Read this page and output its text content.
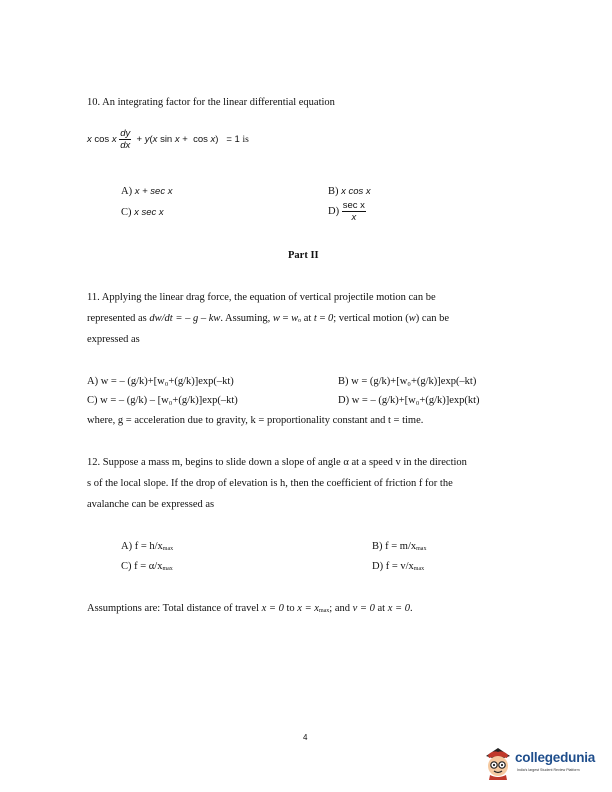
10. An integrating factor for the linear differential equation
x cos x $\frac{dy}{dx} + y(x$ sin x + cos x) = 1 is
A) x + sec x	B) x cos x
C) x sec x	$D) \frac{\text{sec x}}{x}$
Part II
11. Applying the linear drag force, the equation of vertical projectile motion can be
represented as dw/dt = – g – kw. Assuming, $w = w_o$ at t = 0; vertical motion (w) can be
expressed as
A) w = – (g/k)+[w₀+(g/k)]exp(–kt)	B) w = (g/k)+[w₀+(g/k)]exp(–kt)
C) w = – (g/k) – [w₀+(g/k)]exp(–kt)	D) w = – (g/k)+[w₀+(g/k)]exp(kt)
where, g = acceleration due to gravity, k = proportionality constant and t = time.
12. Suppose a mass m, begins to slide down a slope of angle α at a speed v in the direction
s of the local slope. If the drop of elevation is h, then the coefficient of friction f for the
avalanche can be expressed as
A) $f = h/x_{max}$	B) $f = m/x_{max}$
C) $f = \alpha/x_{max}$	D) $f = v/x_{max}$
Assumptions are: Total distance of travel x = 0 to $x = x_{max}$; and v = 0 at x = 0.
4
collegedunia
India's largest Student Review Platform
